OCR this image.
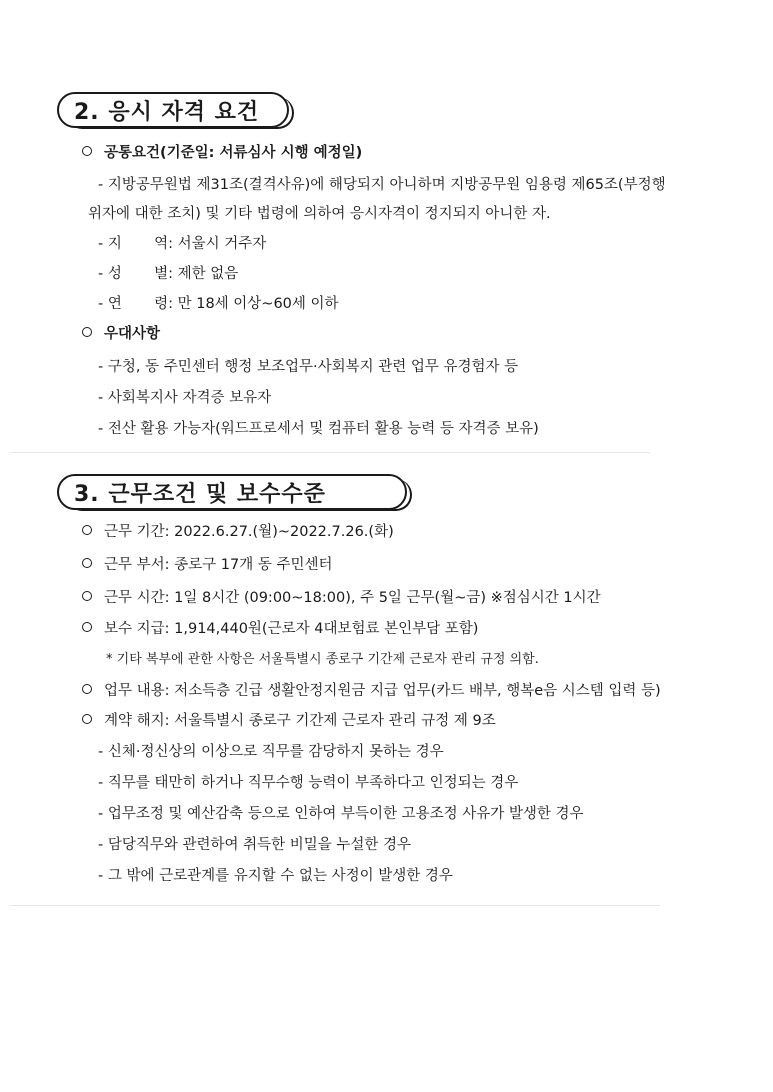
2. 응시 자격 요건
공통요건(기준일: 서류심사 시행 예정일)
- 지방공무원법 제31조(결격사유)에 해당되지 아니하며 지방공무원 임용령 제65조(부정행
위자에 대한 조치) 및 기타 법령에 의하여 응시자격이 정지되지 아니한 자.
- 지       역: 서울시 거주자
- 성       별: 제한 없음
- 연       령: 만 18세 이상~60세 이하
우대사항
- 구청, 동 주민센터 행정 보조업무·사회복지 관련 업무 유경험자 등
- 사회복지사 자격증 보유자
- 전산 활용 가능자(워드프로세서 및 컴퓨터 활용 능력 등 자격증 보유)
3. 근무조건 및 보수수준
근무 기간: 2022.6.27.(월)~2022.7.26.(화)
근무 부서: 종로구 17개 동 주민센터
근무 시간: 1일 8시간 (09:00~18:00), 주 5일 근무(월~금) ※점심시간 1시간
보수 지급: 1,914,440원(근로자 4대보험료 본인부담 포함)
* 기타 복부에 관한 사항은 서울특별시 종로구 기간제 근로자 관리 규정 의함.
업무 내용: 저소득층 긴급 생활안정지원금 지급 업무(카드 배부, 행복e음 시스템 입력 등)
계약 해지: 서울특별시 종로구 기간제 근로자 관리 규정 제 9조
- 신체·정신상의 이상으로 직무를 감당하지 못하는 경우
- 직무를 태만히 하거나 직무수행 능력이 부족하다고 인정되는 경우
- 업무조정 및 예산감축 등으로 인하여 부득이한 고용조정 사유가 발생한 경우
- 담당직무와 관련하여 취득한 비밀을 누설한 경우
- 그 밖에 근로관계를 유지할 수 없는 사정이 발생한 경우
